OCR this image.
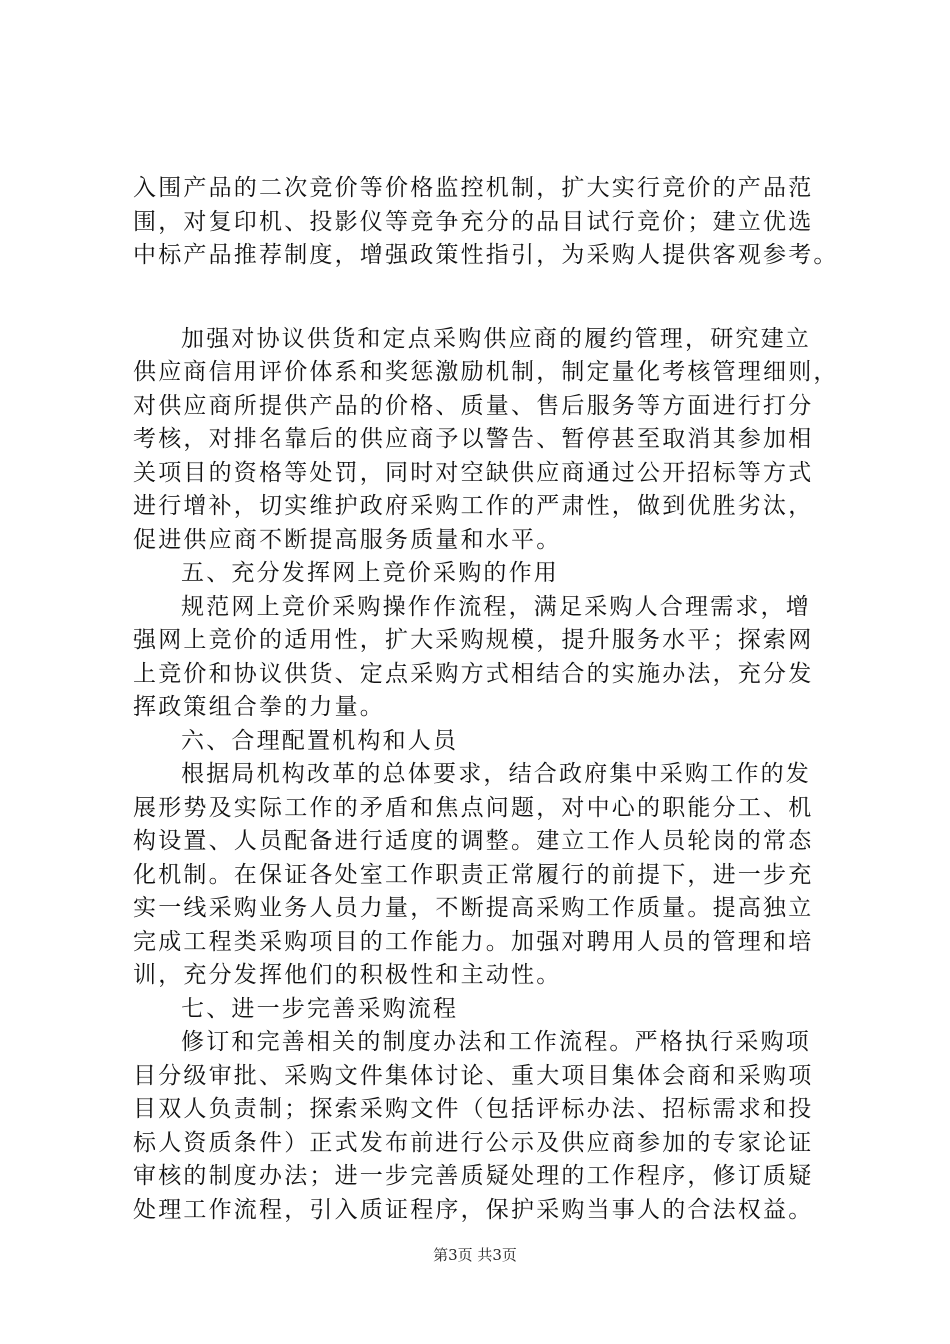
入围产品的二次竞价等价格监控机制，扩大实行竞价的产品范
围，对复印机、投影仪等竞争充分的品目试行竞价；建立优选
中标产品推荐制度，增强政策性指引，为采购人提供客观参考。
加强对协议供货和定点采购供应商的履约管理，研究建立
供应商信用评价体系和奖惩激励机制，制定量化考核管理细则，
对供应商所提供产品的价格、质量、售后服务等方面进行打分
考核，对排名靠后的供应商予以警告、暂停甚至取消其参加相
关项目的资格等处罚，同时对空缺供应商通过公开招标等方式
进行增补，切实维护政府采购工作的严肃性，做到优胜劣汰，
促进供应商不断提高服务质量和水平。
五、充分发挥网上竞价采购的作用
规范网上竞价采购操作作流程，满足采购人合理需求，增
强网上竞价的适用性，扩大采购规模，提升服务水平；探索网
上竞价和协议供货、定点采购方式相结合的实施办法，充分发
挥政策组合拳的力量。
六、合理配置机构和人员
根据局机构改革的总体要求，结合政府集中采购工作的发
展形势及实际工作的矛盾和焦点问题，对中心的职能分工、机
构设置、人员配备进行适度的调整。建立工作人员轮岗的常态
化机制。在保证各处室工作职责正常履行的前提下，进一步充
实一线采购业务人员力量，不断提高采购工作质量。提高独立
完成工程类采购项目的工作能力。加强对聘用人员的管理和培
训，充分发挥他们的积极性和主动性。
七、进一步完善采购流程
修订和完善相关的制度办法和工作流程。严格执行采购项
目分级审批、采购文件集体讨论、重大项目集体会商和采购项
目双人负责制；探索采购文件（包括评标办法、招标需求和投
标人资质条件）正式发布前进行公示及供应商参加的专家论证
审核的制度办法；进一步完善质疑处理的工作程序，修订质疑
处理工作流程，引入质证程序，保护采购当事人的合法权益。
第3页 共3页
